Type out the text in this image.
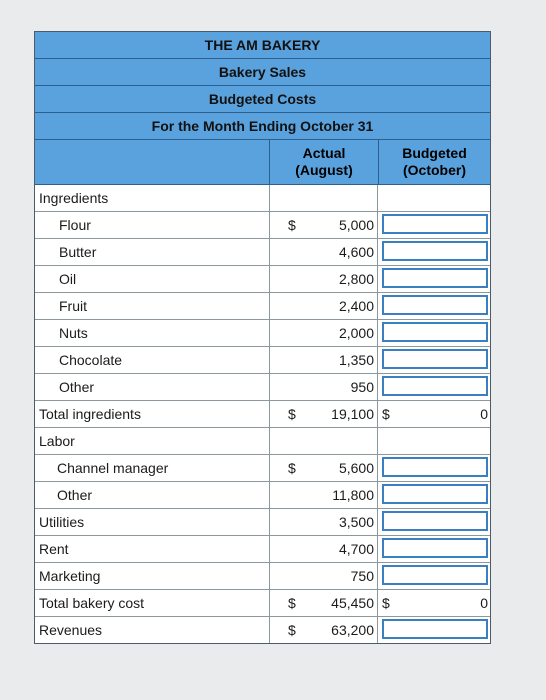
THE AM BAKERY
Bakery Sales
Budgeted Costs
For the Month Ending October 31
Actual
(August)
Budgeted
(October)
Ingredients
Flour	$	5,000
Butter	4,600
Oil	2,800
Fruit	2,400
Nuts	2,000
Chocolate	1,350
Other	950
Total ingredients	$	19,100 $	0
Labor
Channel manager	$	5,600
Other	11,800
Utilities	3,500
Rent	4,700
Marketing	750
Total bakery cost	$	45,450 $	0
Revenues	$	63,200
